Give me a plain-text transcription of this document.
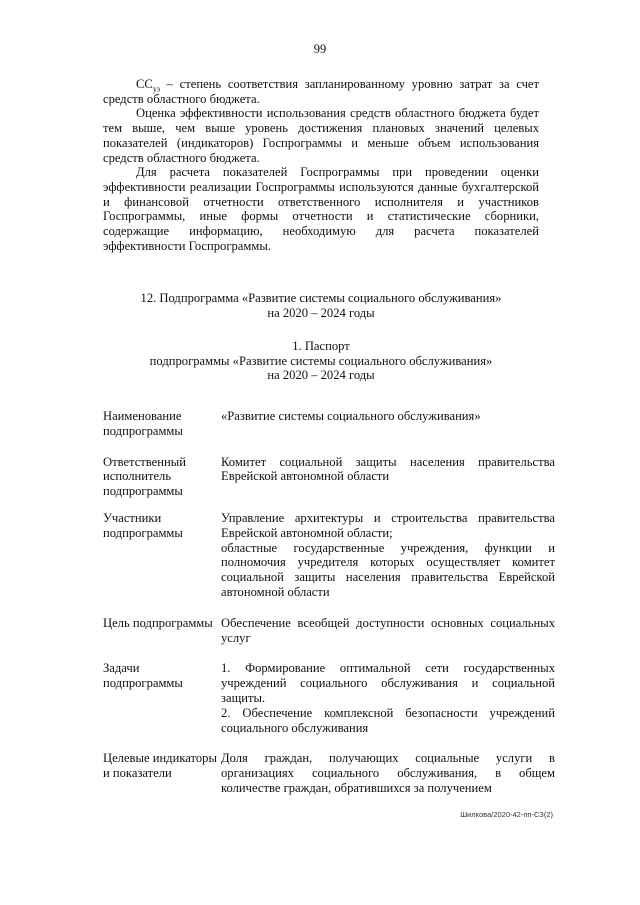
99

$СС_{уз}$ – степень соответствия запланированному уровню затрат за счет средств областного бюджета.

Оценка эффективности использования средств областного бюджета будет тем выше, чем выше уровень достижения плановых значений целевых показателей (индикаторов) Госпрограммы и меньше объем использования средств областного бюджета.

Для расчета показателей Госпрограммы при проведении оценки эффективности реализации Госпрограммы используются данные бухгалтерской и финансовой отчетности ответственного исполнителя и участников Госпрограммы, иные формы отчетности и статистические сборники, содержащие информацию, необходимую для расчета показателей эффективности Госпрограммы.

12. Подпрограмма «Развитие системы социального обслуживания»
на 2020 – 2024 годы
1. Паспорт
подпрограммы «Развитие системы социального обслуживания»
на 2020 – 2024 годы
Наименование подпрограммы
«Развитие системы социального обслуживания»
Ответственный исполнитель подпрограммы
Комитет социальной защиты населения правительства Еврейской автономной области
Участники подпрограммы
Управление архитектуры и строительства правительства Еврейской автономной области;
областные государственные учреждения, функции и полномочия учредителя которых осуществляет комитет социальной защиты населения правительства Еврейской автономной области
Цель подпрограммы Обеспечение всеобщей доступности основных социальных услуг
Задачи подпрограммы
1. Формирование оптимальной сети государственных учреждений социального обслуживания и социальной защиты.
2. Обеспечение комплексной безопасности учреждений социального обслуживания
Целевые индикаторы и показатели
Доля граждан, получающих социальные услуги в организациях социального обслуживания, в общем количестве граждан, обратившихся за получением
Шилкова/2020-42-пп-СЗ(2)
